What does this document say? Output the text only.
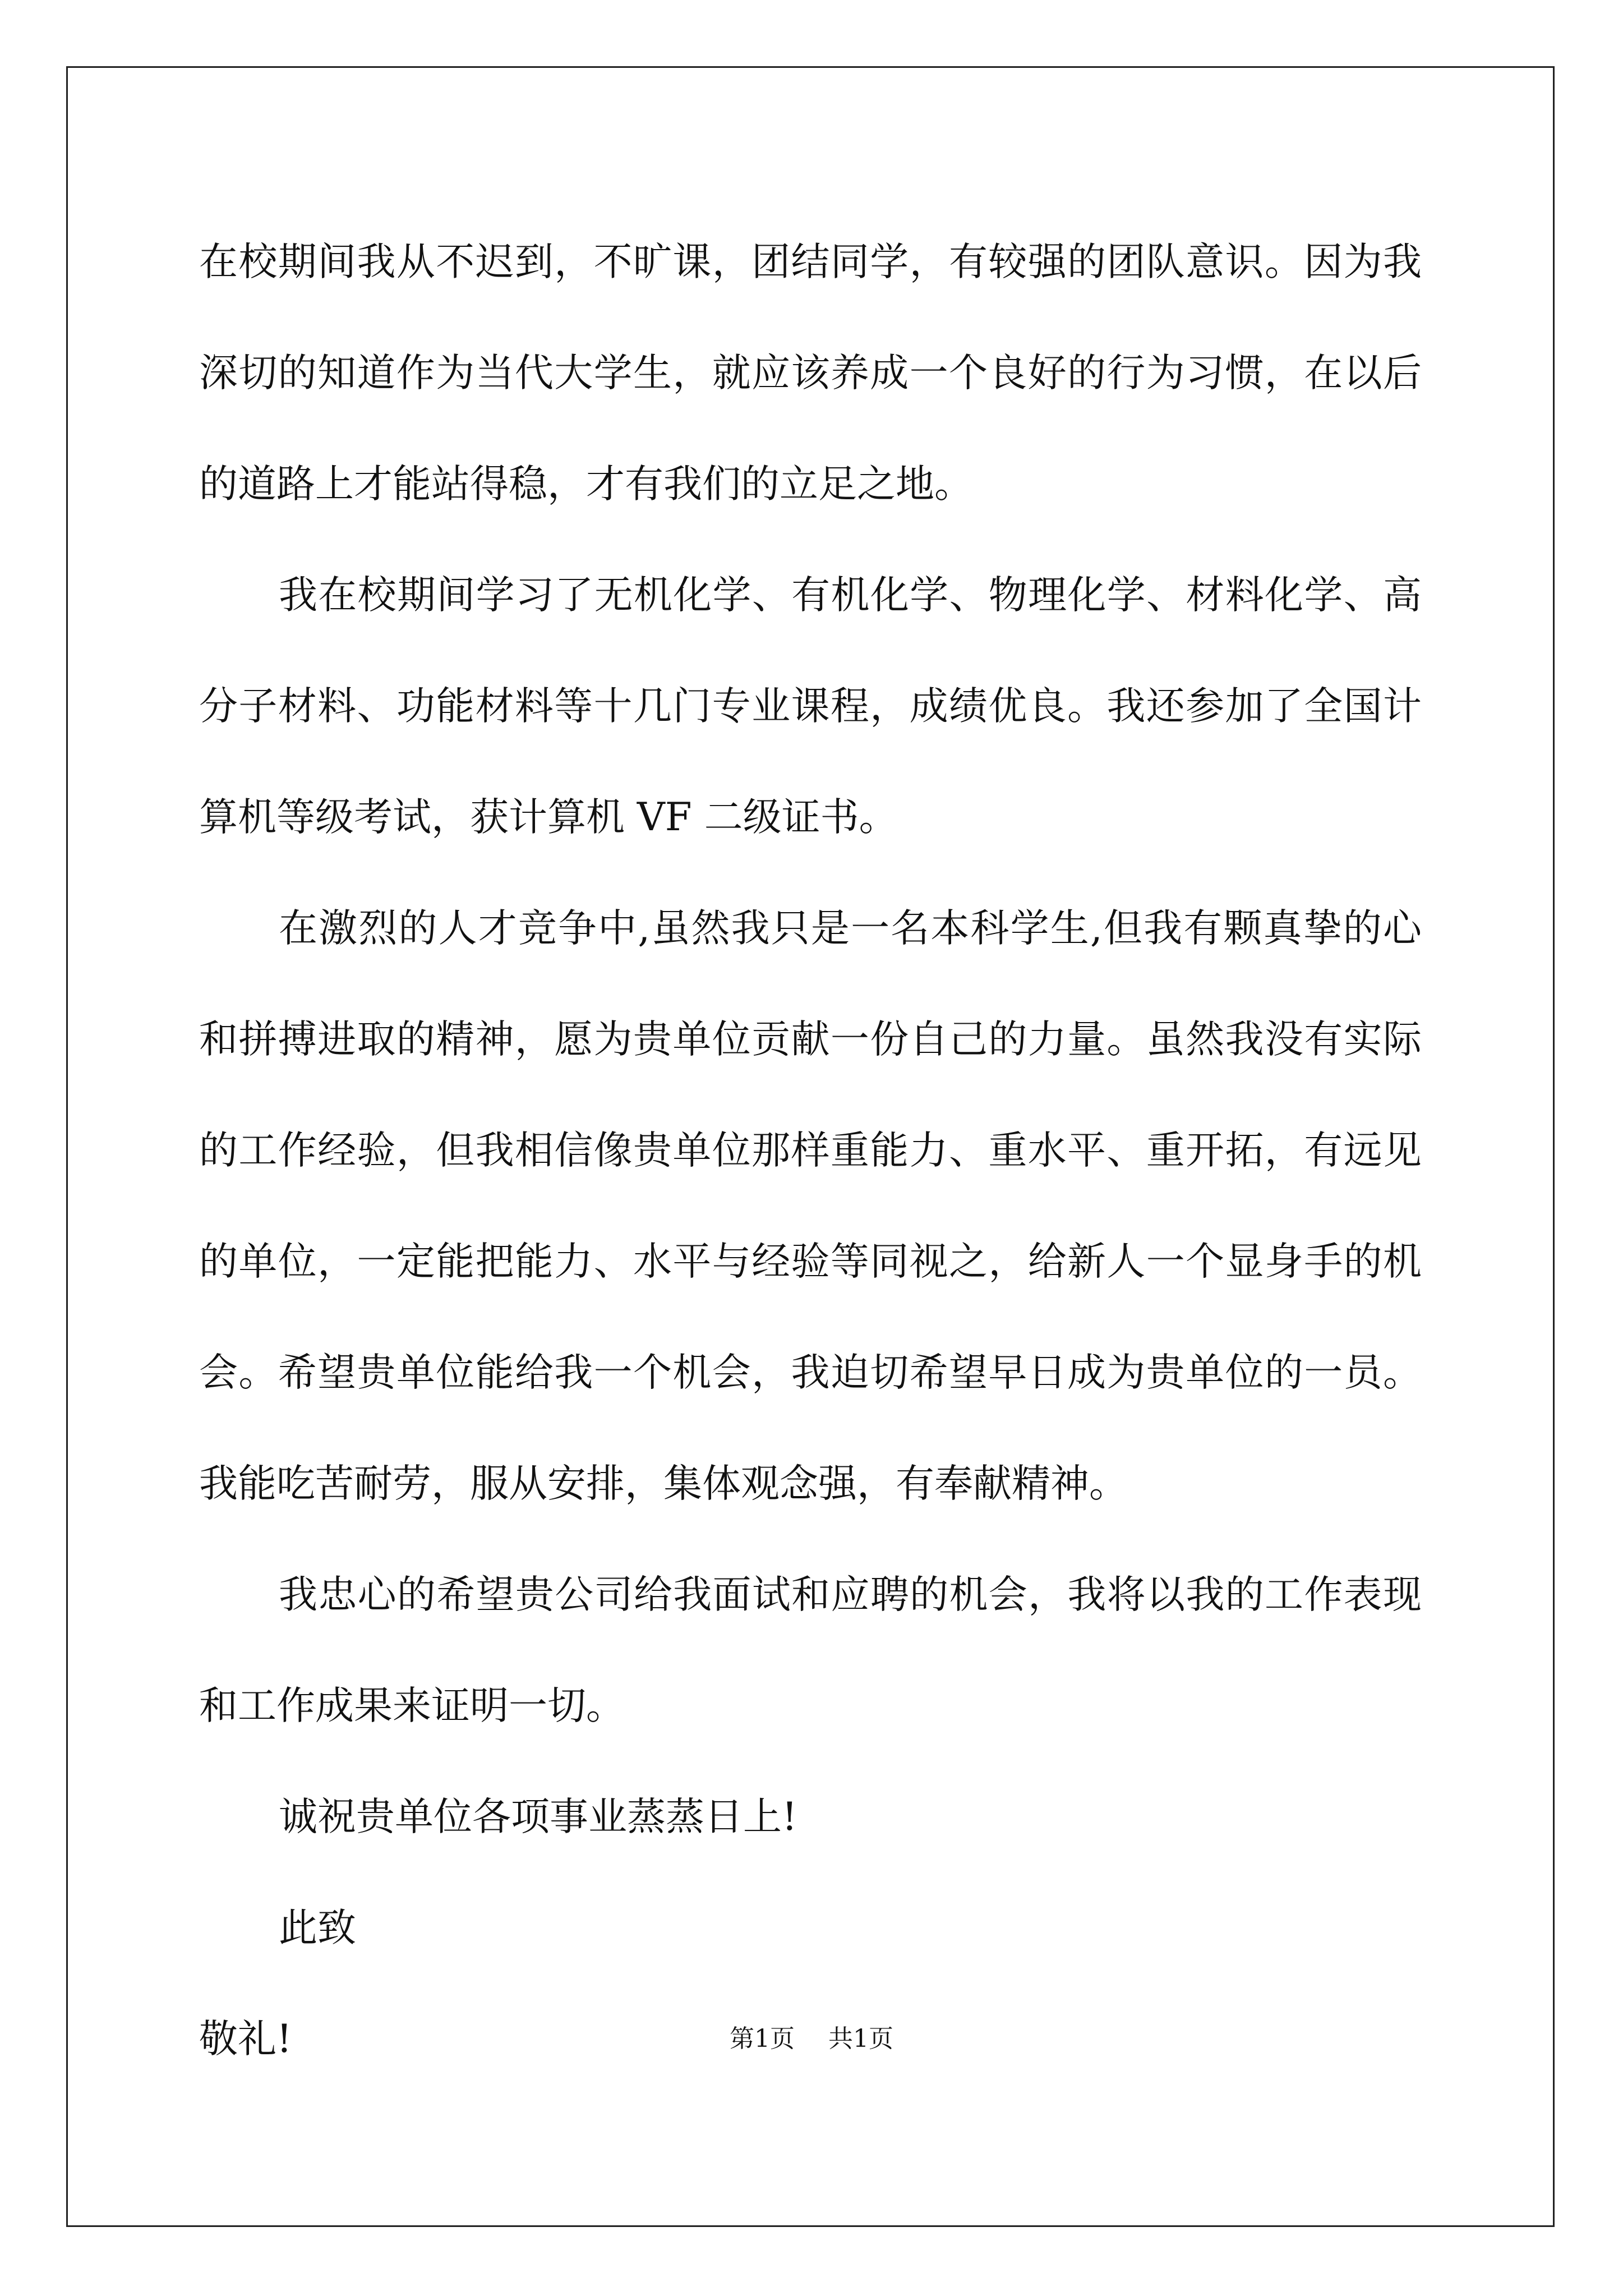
在校期间我从不迟到，不旷课，团结同学，有较强的团队意识。因为我深切的知道作为当代大学生，就应该养成一个良好的行为习惯，在以后的道路上才能站得稳，才有我们的立足之地。

我在校期间学习了无机化学、有机化学、物理化学、材料化学、高分子材料、功能材料等十几门专业课程，成绩优良。我还参加了全国计算机等级考试，获计算机 VF 二级证书。

在激烈的人才竞争中,虽然我只是一名本科学生,但我有颗真挚的心和拼搏进取的精神，愿为贵单位贡献一份自己的力量。虽然我没有实际的工作经验，但我相信像贵单位那样重能力、重水平、重开拓，有远见的单位，一定能把能力、水平与经验等同视之，给新人一个显身手的机会。希望贵单位能给我一个机会，我迫切希望早日成为贵单位的一员。我能吃苦耐劳，服从安排，集体观念强，有奉献精神。

我忠心的希望贵公司给我面试和应聘的机会，我将以我的工作表现和工作成果来证明一切。

诚祝贵单位各项事业蒸蒸日上!

此致

敬礼!	第1页 共1页
